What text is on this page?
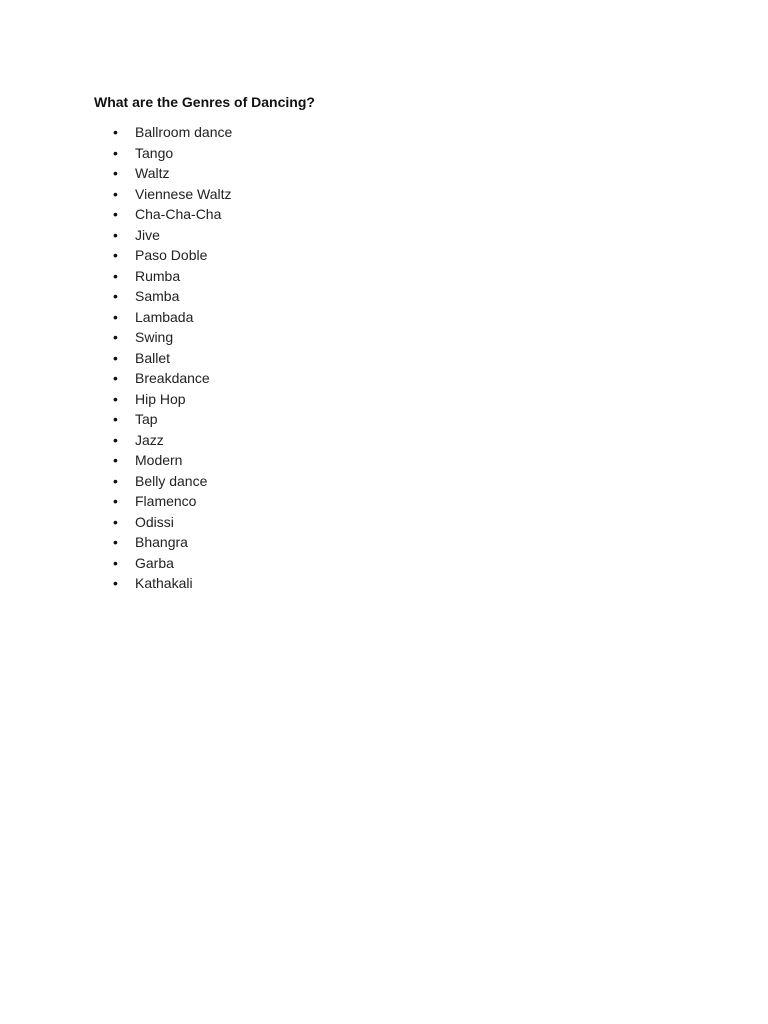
What are the Genres of Dancing?
• Ballroom dance
• Tango
• Waltz
• Viennese Waltz
• Cha-Cha-Cha
• Jive
• Paso Doble
• Rumba
• Samba
• Lambada
• Swing
• Ballet
• Breakdance
• Hip Hop
• Tap
• Jazz
• Modern
• Belly dance
• Flamenco
• Odissi
• Bhangra
• Garba
• Kathakali
